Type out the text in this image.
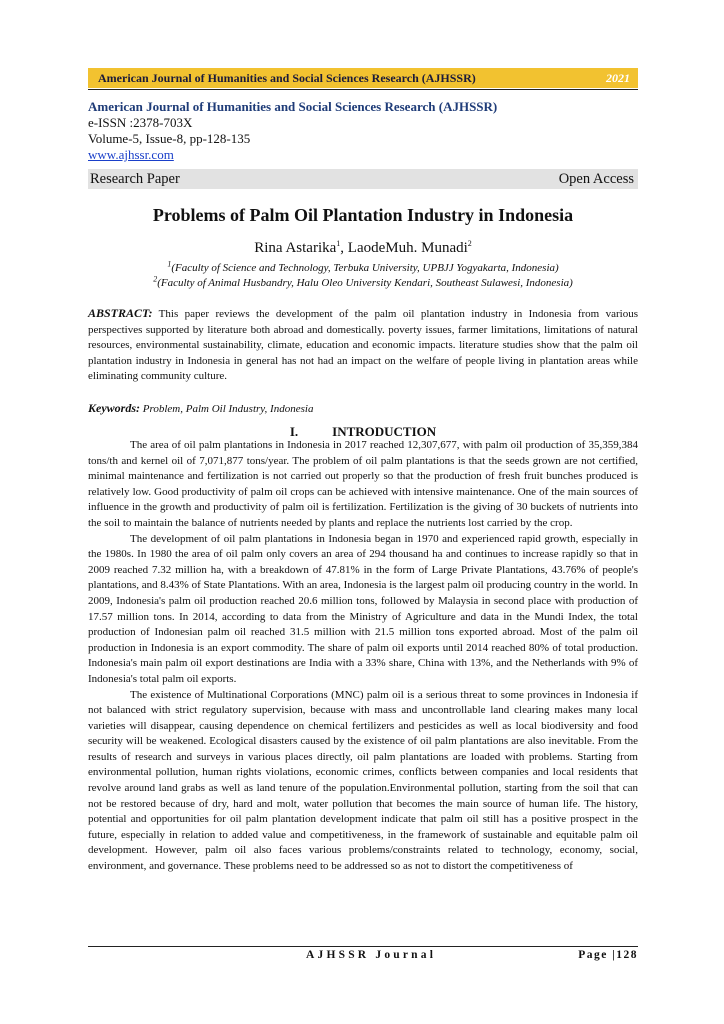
American Journal of Humanities and Social Sciences Research (AJHSSR)	2021
American Journal of Humanities and Social Sciences Research (AJHSSR)
e-ISSN :2378-703X
Volume-5, Issue-8, pp-128-135
www.ajhssr.com
Research Paper	Open Access
Problems of Palm Oil Plantation Industry in Indonesia
Rina Astarika$^1$, LaodeMuh. Munadi$^2$
$^1$(Faculty of Science and Technology, Terbuka University, UPBJJ Yogyakarta, Indonesia)
$^2$(Faculty of Animal Husbandry, Halu Oleo University Kendari, Southeast Sulawesi, Indonesia)
ABSTRACT: This paper reviews the development of the palm oil plantation industry in Indonesia from various perspectives supported by literature both abroad and domestically. poverty issues, farmer limitations, limitations of natural resources, environmental sustainability, climate, education and economic impacts. literature studies show that the palm oil plantation industry in Indonesia in general has not had an impact on the welfare of people living in plantation areas while eliminating community culture.
Keywords: Problem, Palm Oil Industry, Indonesia
I.	INTRODUCTION

The area of oil palm plantations in Indonesia in 2017 reached 12,307,677, with palm oil production of 35,359,384 tons/th and kernel oil of 7,071,877 tons/year. The problem of oil palm plantations is that the seeds grown are not certified, minimal maintenance and fertilization is not carried out properly so that the production of fresh fruit bunches produced is relatively low. Good productivity of palm oil crops can be achieved with intensive maintenance. One of the main sources of influence in the growth and productivity of palm oil is fertilization. Fertilization is the giving of 30 buckets of nutrients into the soil to maintain the balance of nutrients needed by plants and replace the nutrients lost carried by the crop.

The development of oil palm plantations in Indonesia began in 1970 and experienced rapid growth, especially in the 1980s. In 1980 the area of oil palm only covers an area of 294 thousand ha and continues to increase rapidly so that in 2009 reached 7.32 million ha, with a breakdown of 47.81% in the form of Large Private Plantations, 43.76% of people's plantations, and 8.43% of State Plantations. With an area, Indonesia is the largest palm oil producing country in the world. In 2009, Indonesia's palm oil production reached 20.6 million tons, followed by Malaysia in second place with production of 17.57 million tons. In 2014, according to data from the Ministry of Agriculture and data in the Mundi Index, the total production of Indonesian palm oil reached 31.5 million with 21.5 million tons exported abroad. Most of the palm oil production in Indonesia is an export commodity. The share of palm oil exports until 2014 reached 80% of total production. Indonesia's main palm oil export destinations are India with a 33% share, China with 13%, and the Netherlands with 9% of Indonesia's total palm oil exports.

The existence of Multinational Corporations (MNC) palm oil is a serious threat to some provinces in Indonesia if not balanced with strict regulatory supervision, because with mass and uncontrollable land clearing makes many local varieties will disappear, causing dependence on chemical fertilizers and pesticides as well as local biodiversity and food security will be weakened. Ecological disasters caused by the existence of oil palm plantations are also inevitable. From the results of research and surveys in various places directly, oil palm plantations are loaded with problems. Starting from environmental pollution, human rights violations, economic crimes, conflicts between companies and local residents that revolve around land grabs as well as land tenure of the population.Environmental pollution, starting from the soil that can not be restored because of dry, hard and molt, water pollution that becomes the main source of human life. The history, potential and opportunities for oil palm plantation development indicate that palm oil still has a positive prospect in the future, especially in relation to added value and competitiveness, in the framework of sustainable and equitable palm oil development. However, palm oil also faces various problems/constraints related to technology, economy, social, environment, and governance. These problems need to be addressed so as not to distort the competitiveness of

AJHSSR Journal	Page |128
